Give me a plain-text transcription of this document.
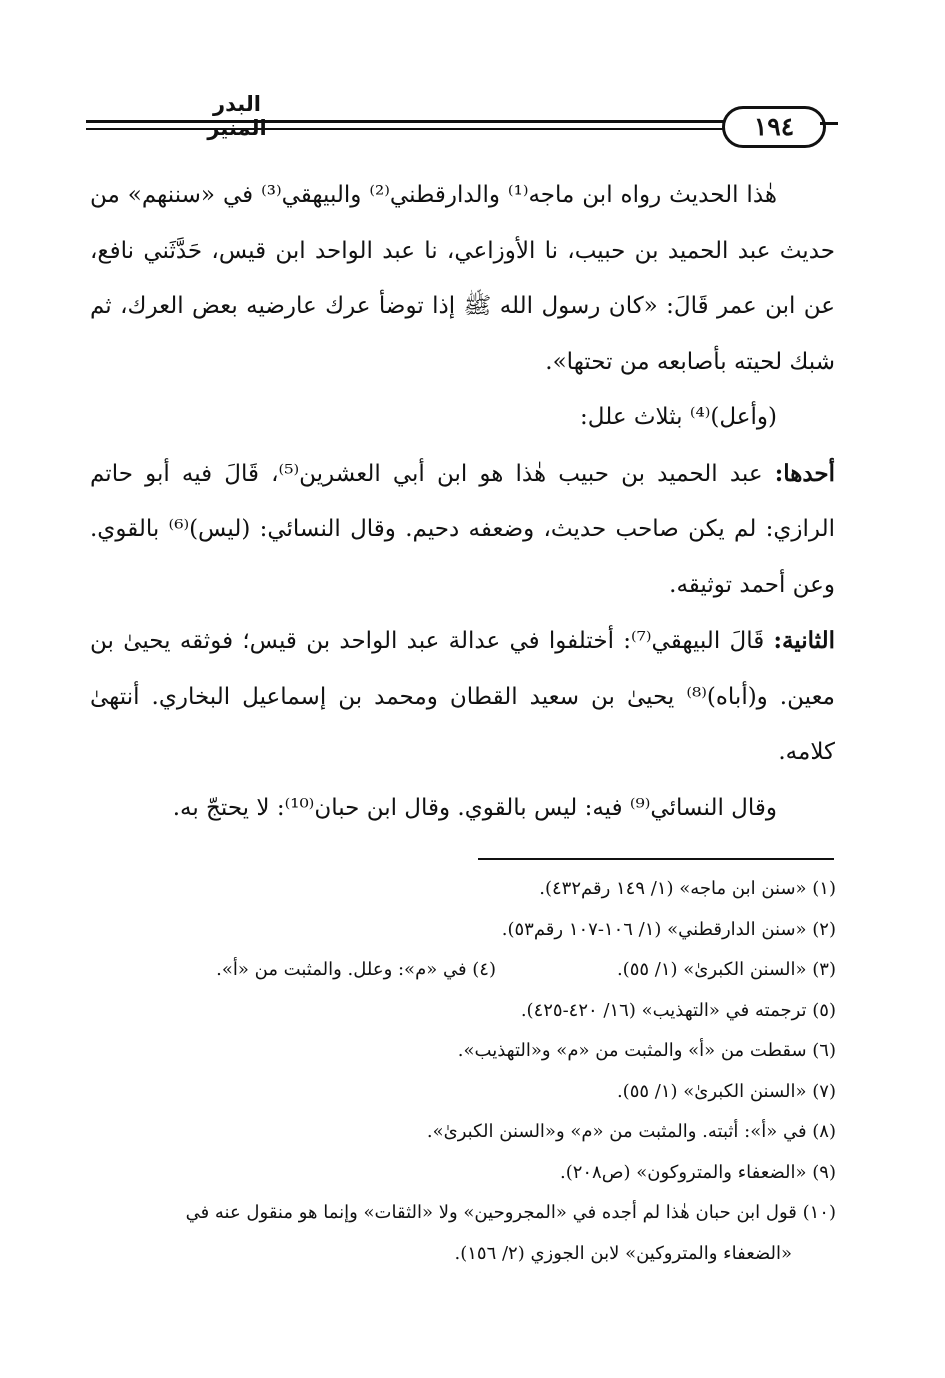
البدر المنير	١٩٤

هٰذا الحديث رواه ابن ماجه⁽¹⁾ والدارقطني⁽²⁾ والبيهقي⁽³⁾ في «سننهم» من حديث عبد الحميد بن حبيب، نا الأوزاعي، نا عبد الواحد ابن قيس، حَدَّثَني نافع، عن ابن عمر قَالَ: «كان رسول الله ﷺ إذا توضأ عرك عارضيه بعض العرك، ثم شبك لحيته بأصابعه من تحتها».

(وأعل)⁽⁴⁾ بثلاث علل:

أحدها: عبد الحميد بن حبيب هٰذا هو ابن أبي العشرين⁽⁵⁾، قَالَ فيه أبو حاتم الرازي: لم يكن صاحب حديث، وضعفه دحيم. وقال النسائي: (ليس)⁽⁶⁾ بالقوي. وعن أحمد توثيقه.

الثانية: قَالَ البيهقي⁽⁷⁾: أختلفوا في عدالة عبد الواحد بن قيس؛ فوثقه يحيىٰ بن معين. و(أباه)⁽⁸⁾ يحيىٰ بن سعيد القطان ومحمد بن إسماعيل البخاري. أنتهىٰ كلامه.

وقال النسائي⁽⁹⁾ فيه: ليس بالقوي. وقال ابن حبان⁽¹⁰⁾: لا يحتجّ به.

(١) «سنن ابن ماجه» (١/ ١٤٩ رقم٤٣٢).

(٢) «سنن الدارقطني» (١/ ١٠٦-١٠٧ رقم٥٣).

(٣) «السنن الكبرىٰ» (١/ ٥٥).

(٤) في «م»: وعلل. والمثبت من «أ».

(٥) ترجمته في «التهذيب» (١٦/ ٤٢٠-٤٢٥).

(٦) سقطت من «أ» والمثبت من «م» و«التهذيب».

(٧) «السنن الكبرىٰ» (١/ ٥٥).

(٨) في «أ»: أثبته. والمثبت من «م» و«السنن الكبرىٰ».

(٩) «الضعفاء والمتروكون» (ص٢٠٨).

(١٠) قول ابن حبان هٰذا لم أجده في «المجروحين» ولا «الثقات» وإنما هو منقول عنه في

«الضعفاء والمتروكين» لابن الجوزي (٢/ ١٥٦).
